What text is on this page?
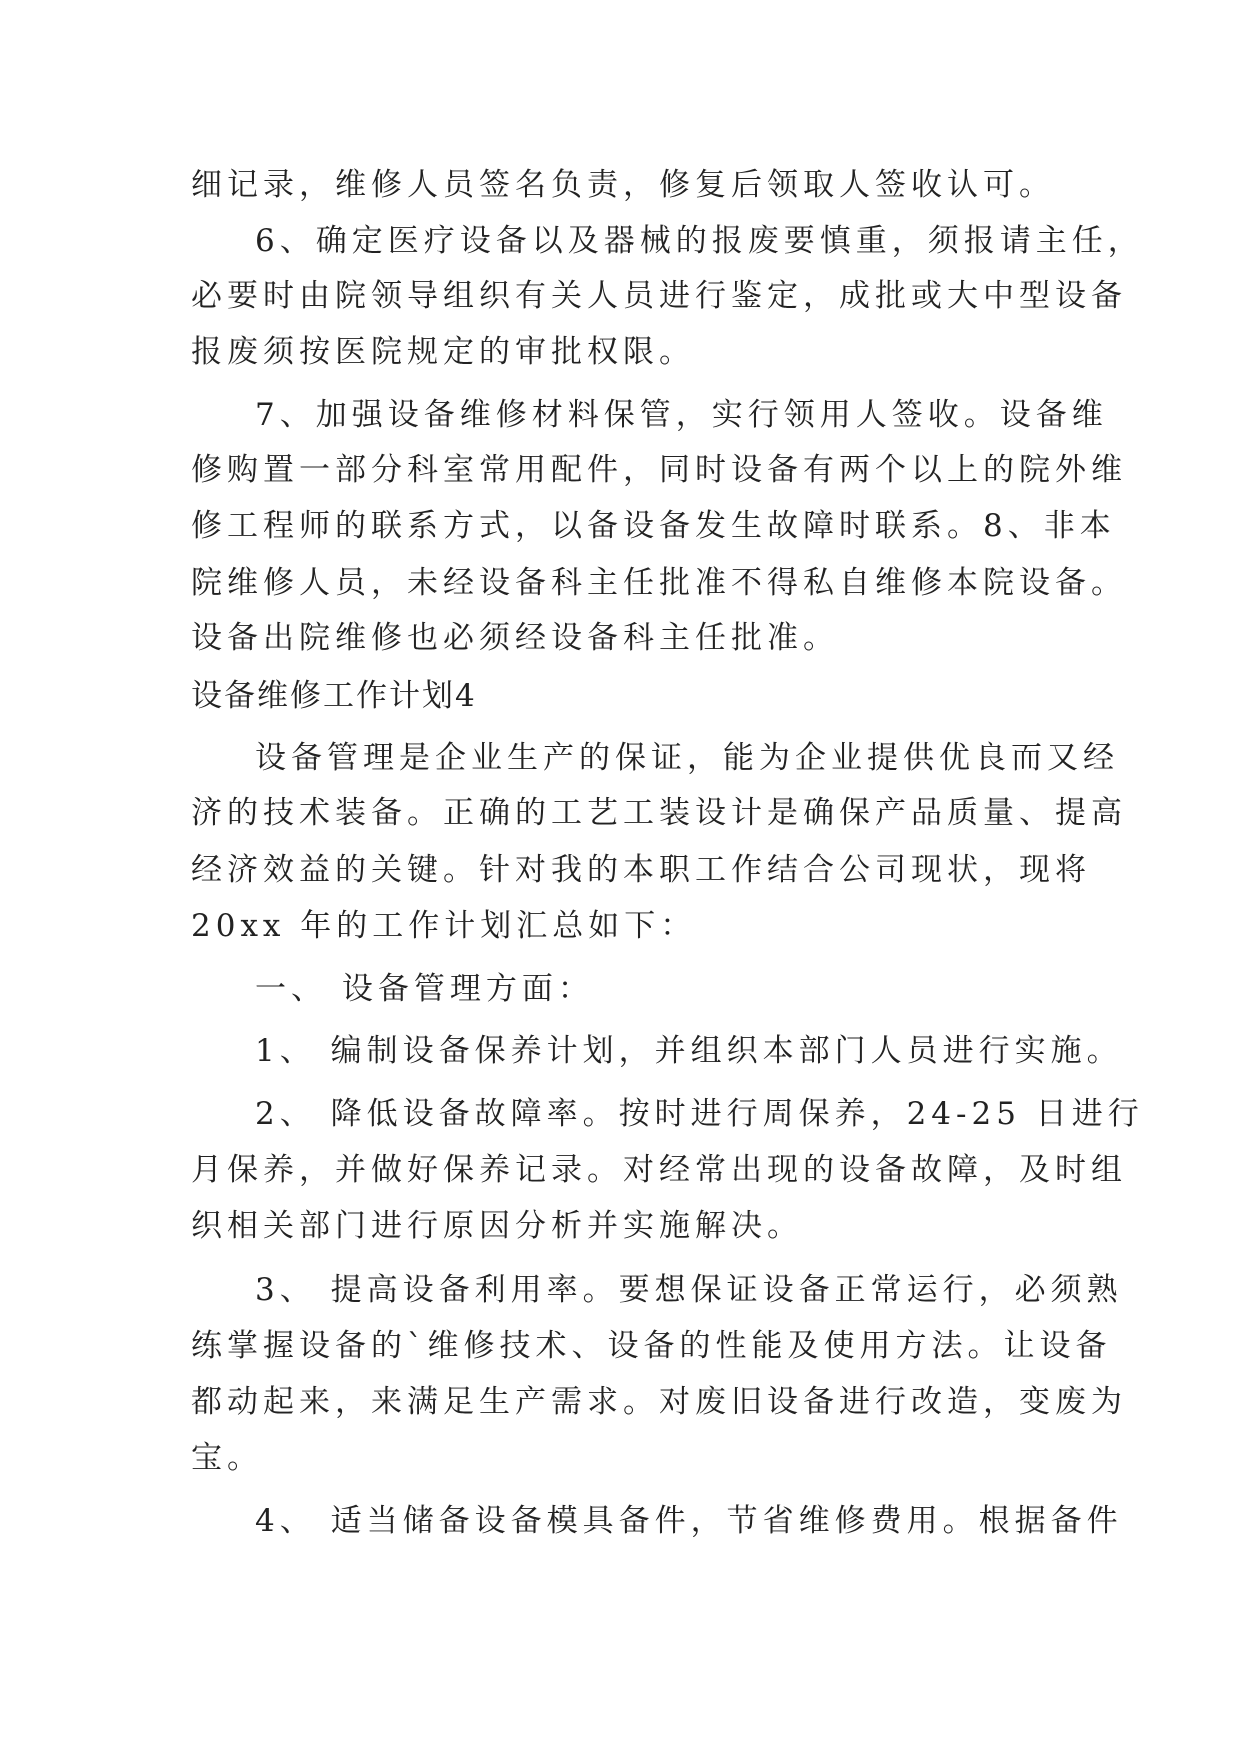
细记录，维修人员签名负责，修复后领取人签收认可。
6、确定医疗设备以及器械的报废要慎重，须报请主任，
必要时由院领导组织有关人员进行鉴定，成批或大中型设备
报废须按医院规定的审批权限。
7、加强设备维修材料保管，实行领用人签收。设备维
修购置一部分科室常用配件，同时设备有两个以上的院外维
修工程师的联系方式，以备设备发生故障时联系。8、非本
院维修人员，未经设备科主任批准不得私自维修本院设备。
设备出院维修也必须经设备科主任批准。
设备维修工作计划4
设备管理是企业生产的保证，能为企业提供优良而又经
济的技术装备。正确的工艺工装设计是确保产品质量、提高
经济效益的关键。针对我的本职工作结合公司现状，现将
20xx 年的工作计划汇总如下：
一、 设备管理方面：
1、 编制设备保养计划，并组织本部门人员进行实施。
2、 降低设备故障率。按时进行周保养，24-25 日进行
月保养，并做好保养记录。对经常出现的设备故障，及时组
织相关部门进行原因分析并实施解决。
3、 提高设备利用率。要想保证设备正常运行，必须熟
练掌握设备的`维修技术、设备的性能及使用方法。让设备
都动起来，来满足生产需求。对废旧设备进行改造，变废为
宝。
4、 适当储备设备模具备件，节省维修费用。根据备件
